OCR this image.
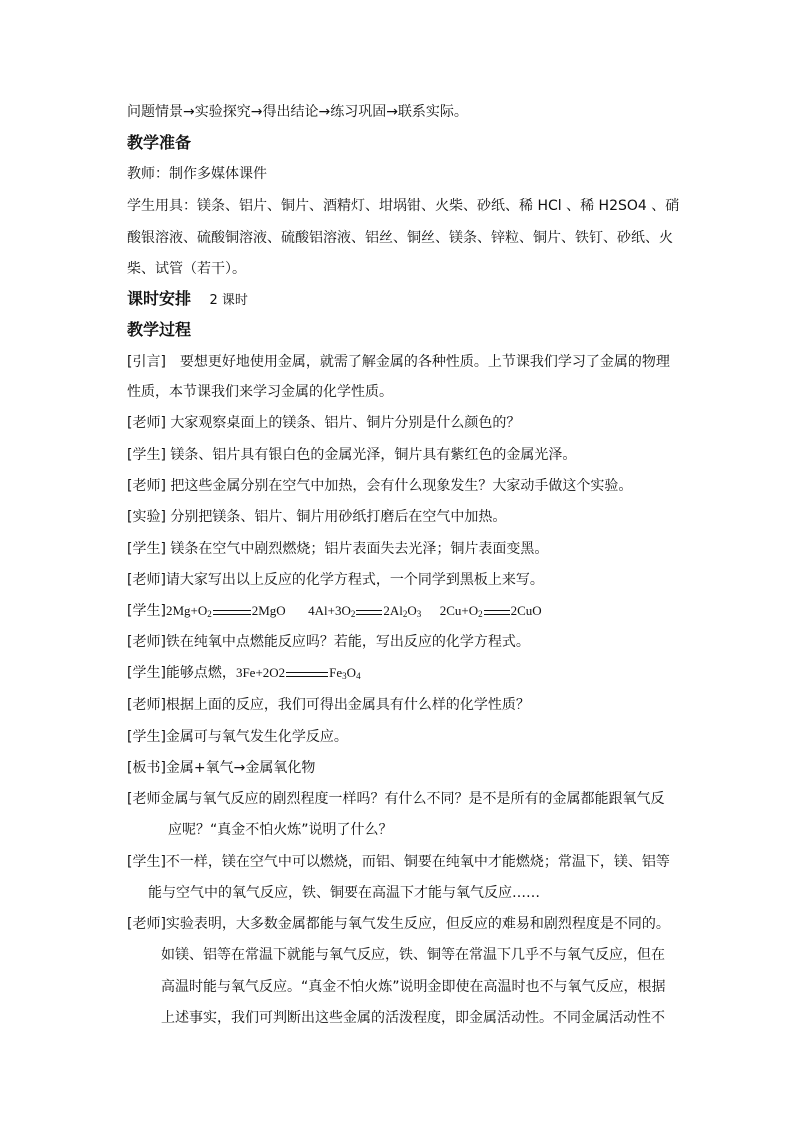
问题情景→实验探究→得出结论→练习巩固→联系实际。
教学准备
教师：制作多媒体课件
学生用具：镁条、铝片、铜片、酒精灯、坩埚钳、火柴、砂纸、稀 HCl 、稀 H2SO4 、硝
酸银溶液、硫酸铜溶液、硫酸铝溶液、铝丝、铜丝、镁条、锌粒、铜片、铁钉、砂纸、火
柴、试管（若干）。
课时安排 2 课时
教学过程
[引言]　要想更好地使用金属，就需了解金属的各种性质。上节课我们学习了金属的物理
性质，本节课我们来学习金属的化学性质。
[老师] 大家观察桌面上的镁条、铝片、铜片分别是什么颜色的？
[学生] 镁条、铝片具有银白色的金属光泽，铜片具有紫红色的金属光泽。
[老师] 把这些金属分别在空气中加热，会有什么现象发生？大家动手做这个实验。
[实验] 分别把镁条、铝片、铜片用砂纸打磨后在空气中加热。
[学生] 镁条在空气中剧烈燃烧；铝片表面失去光泽；铜片表面变黑。
[老师]请大家写出以上反应的化学方程式，一个同学到黑板上来写。
[学生]$2Mg+O_2$	2MgO $4Al+3O_2$ $2Al_2O_3$ $2Cu+O_2$ 2CuO
[老师]铁在纯氧中点燃能反应吗？若能，写出反应的化学方程式。
[学生]能够点燃，3Fe+2O2	$Fe_3O_4$
[老师]根据上面的反应，我们可得出金属具有什么样的化学性质？
[学生]金属可与氧气发生化学反应。
[板书]金属+氧气→金属氧化物
[老师金属与氧气反应的剧烈程度一样吗？有什么不同？是不是所有的金属都能跟氧气反
应呢？“真金不怕火炼”说明了什么？
[学生]不一样，镁在空气中可以燃烧，而铝、铜要在纯氧中才能燃烧；常温下，镁、铝等
能与空气中的氧气反应，铁、铜要在高温下才能与氧气反应……
[老师]实验表明，大多数金属都能与氧气发生反应，但反应的难易和剧烈程度是不同的。
如镁、铝等在常温下就能与氧气反应，铁、铜等在常温下几乎不与氧气反应，但在
高温时能与氧气反应。“真金不怕火炼”说明金即使在高温时也不与氧气反应，根据
上述事实，我们可判断出这些金属的活泼程度，即金属活动性。不同金属活动性不
